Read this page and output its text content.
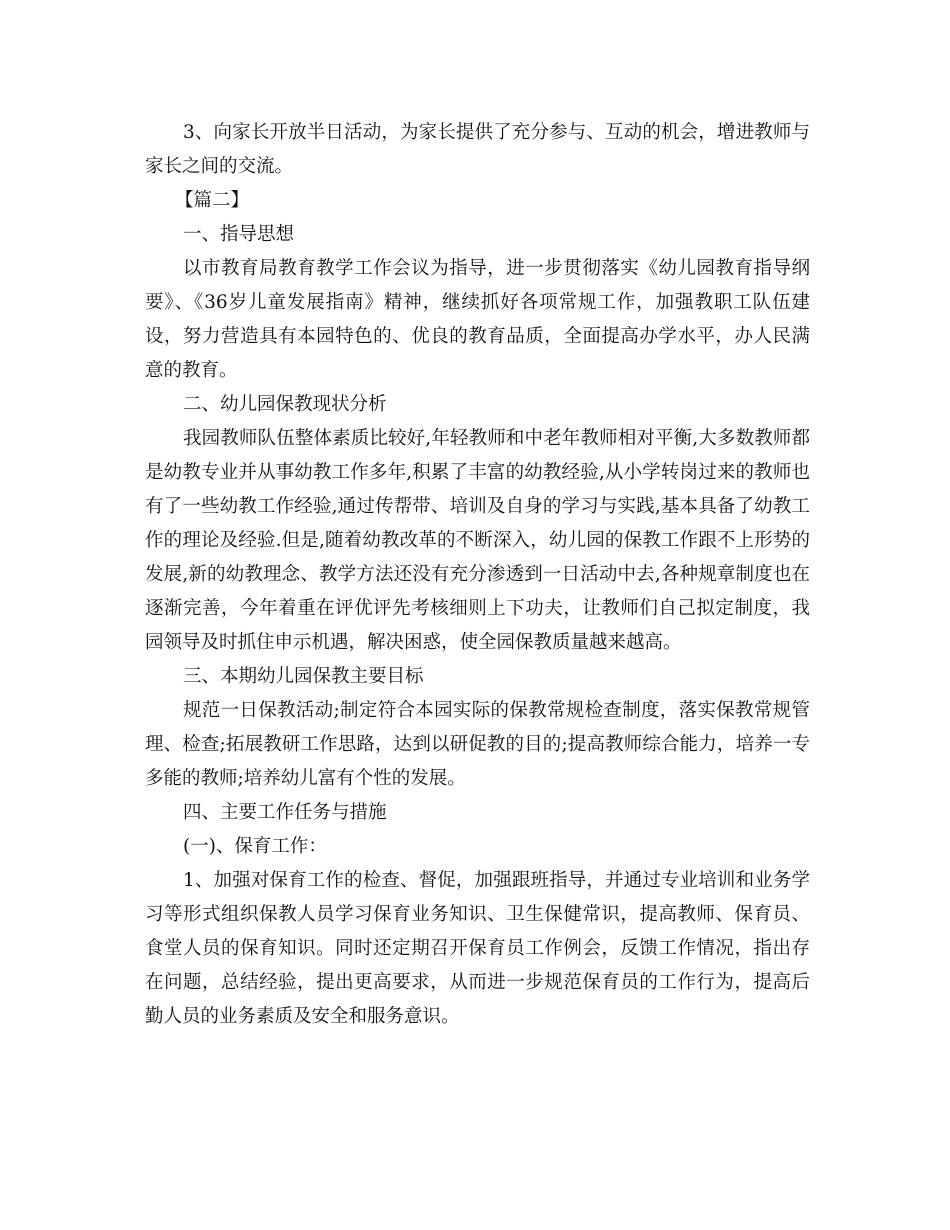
3、向家长开放半日活动，为家长提供了充分参与、互动的机会，增进教师与家长之间的交流。

【篇二】

一、指导思想

以市教育局教育教学工作会议为指导，进一步贯彻落实《幼儿园教育指导纲要》、《36岁儿童发展指南》精神，继续抓好各项常规工作，加强教职工队伍建设，努力营造具有本园特色的、优良的教育品质，全面提高办学水平，办人民满意的教育。

二、幼儿园保教现状分析

我园教师队伍整体素质比较好,年轻教师和中老年教师相对平衡,大多数教师都是幼教专业并从事幼教工作多年,积累了丰富的幼教经验,从小学转岗过来的教师也有了一些幼教工作经验,通过传帮带、培训及自身的学习与实践,基本具备了幼教工作的理论及经验.但是,随着幼教改革的不断深入，幼儿园的保教工作跟不上形势的发展,新的幼教理念、教学方法还没有充分渗透到一日活动中去,各种规章制度也在逐渐完善，今年着重在评优评先考核细则上下功夫，让教师们自己拟定制度，我园领导及时抓住申示机遇，解决困惑，使全园保教质量越来越高。

三、本期幼儿园保教主要目标

规范一日保教活动;制定符合本园实际的保教常规检查制度，落实保教常规管理、检查;拓展教研工作思路，达到以研促教的目的;提高教师综合能力，培养一专多能的教师;培养幼儿富有个性的发展。

四、主要工作任务与措施

(一)、保育工作：

1、加强对保育工作的检查、督促，加强跟班指导，并通过专业培训和业务学习等形式组织保教人员学习保育业务知识、卫生保健常识，提高教师、保育员、食堂人员的保育知识。同时还定期召开保育员工作例会，反馈工作情况，指出存在问题，总结经验，提出更高要求，从而进一步规范保育员的工作行为，提高后勤人员的业务素质及安全和服务意识。
